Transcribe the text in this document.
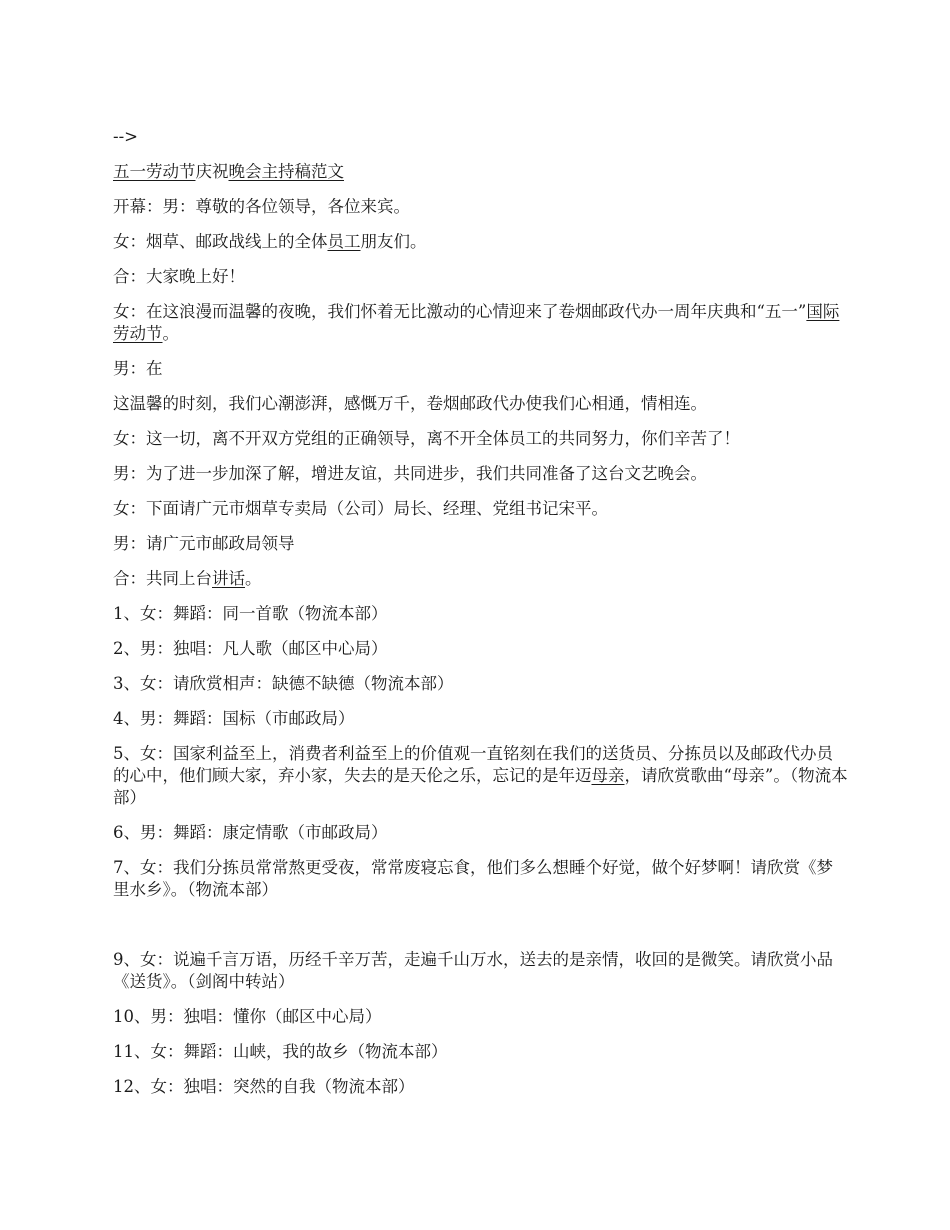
-->

五一劳动节庆祝晚会主持稿范文

开幕：男：尊敬的各位领导，各位来宾。

女：烟草、邮政战线上的全体员工朋友们。

合：大家晚上好！

女：在这浪漫而温馨的夜晚，我们怀着无比激动的心情迎来了卷烟邮政代办一周年庆典和“五一”国际劳动节。

男：在

这温馨的时刻，我们心潮澎湃，感慨万千，卷烟邮政代办使我们心相通，情相连。

女：这一切，离不开双方党组的正确领导，离不开全体员工的共同努力，你们辛苦了！

男：为了进一步加深了解，增进友谊，共同进步，我们共同准备了这台文艺晚会。

女：下面请广元市烟草专卖局（公司）局长、经理、党组书记宋平。

男：请广元市邮政局领导

合：共同上台讲话。

1、女：舞蹈：同一首歌（物流本部）

2、男：独唱：凡人歌（邮区中心局）

3、女：请欣赏相声：缺德不缺德（物流本部）

4、男：舞蹈：国标（市邮政局）

5、女：国家利益至上，消费者利益至上的价值观一直铭刻在我们的送货员、分拣员以及邮政代办员的心中，他们顾大家，弃小家，失去的是天伦之乐，忘记的是年迈母亲，请欣赏歌曲“母亲”。（物流本部）

6、男：舞蹈：康定情歌（市邮政局）

7、女：我们分拣员常常熬更受夜，常常废寝忘食，他们多么想睡个好觉，做个好梦啊！请欣赏《梦里水乡》。（物流本部）

9、女：说遍千言万语，历经千辛万苦，走遍千山万水，送去的是亲情，收回的是微笑。请欣赏小品《送货》。（剑阁中转站）

10、男：独唱：懂你（邮区中心局）

11、女：舞蹈：山峡，我的故乡（物流本部）

12、女：独唱：突然的自我（物流本部）
